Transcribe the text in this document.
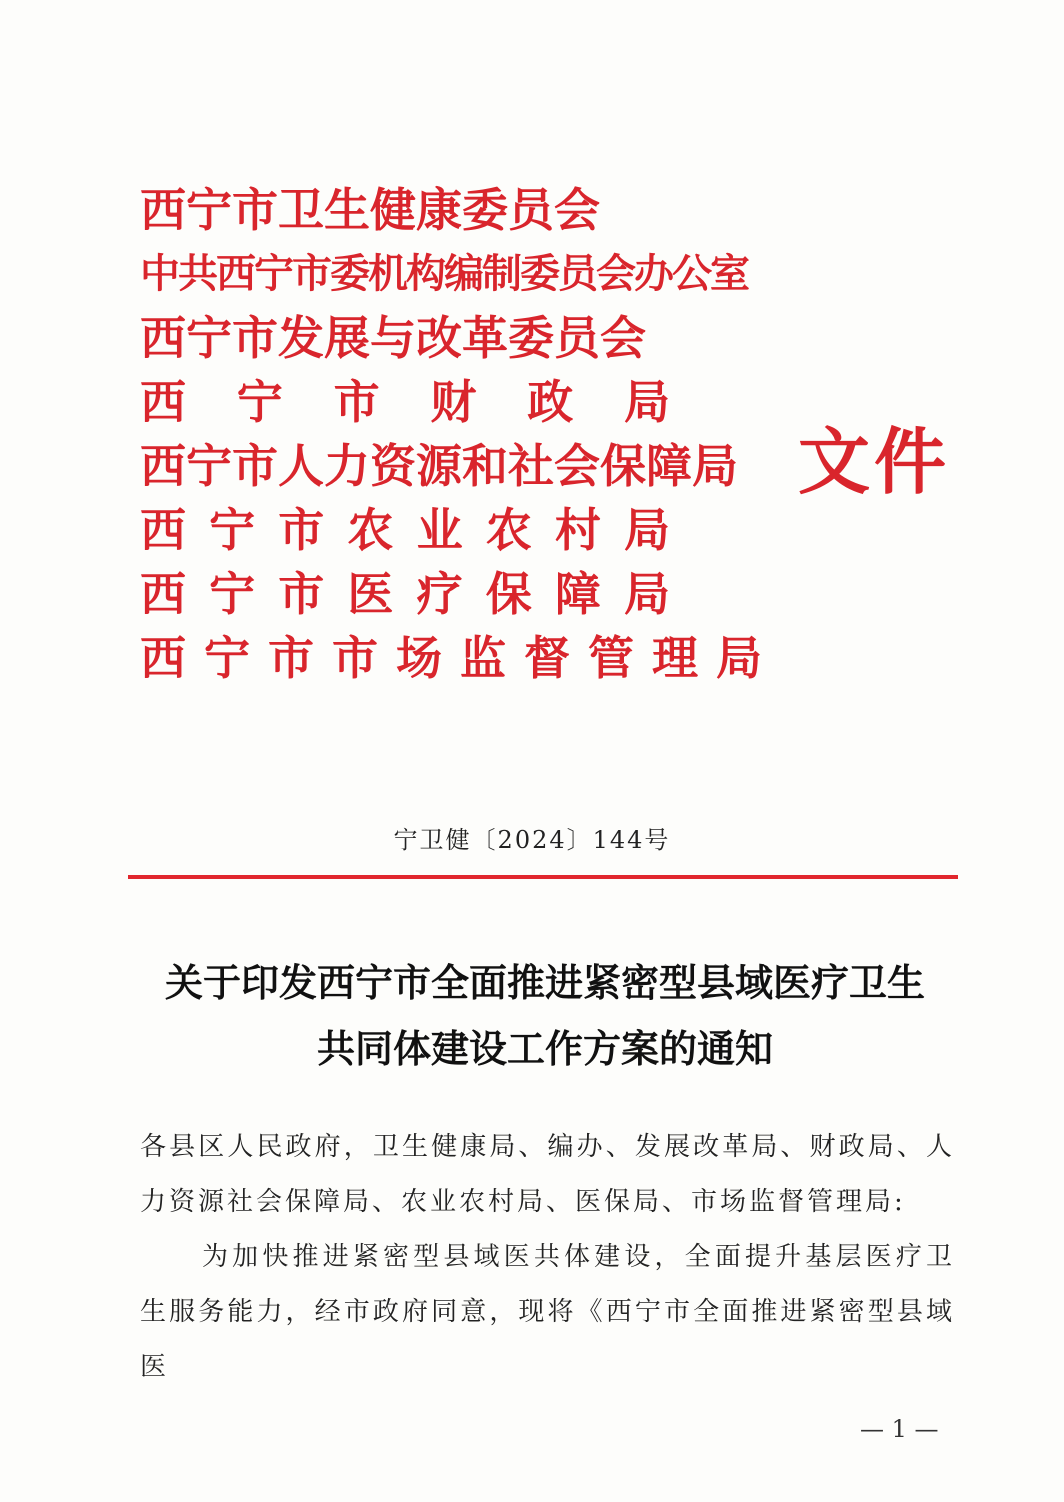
西宁市卫生健康委员会
中共西宁市委机构编制委员会办公室
西宁市发展与改革委员会
西 宁 市 财 政 局
西宁市人力资源和社会保障局
西 宁 市 农 业 农 村 局
西 宁 市 医 疗 保 障 局
西宁市市场监督管理局
文件
宁卫健〔2024〕144号
关于印发西宁市全面推进紧密型县域医疗卫生
共同体建设工作方案的通知

各县区人民政府，卫生健康局、编办、发展改革局、财政局、人力资源社会保障局、农业农村局、医保局、市场监督管理局:

为加快推进紧密型县域医共体建设，全面提升基层医疗卫生服务能力，经市政府同意，现将《西宁市全面推进紧密型县域医

— 1 —
